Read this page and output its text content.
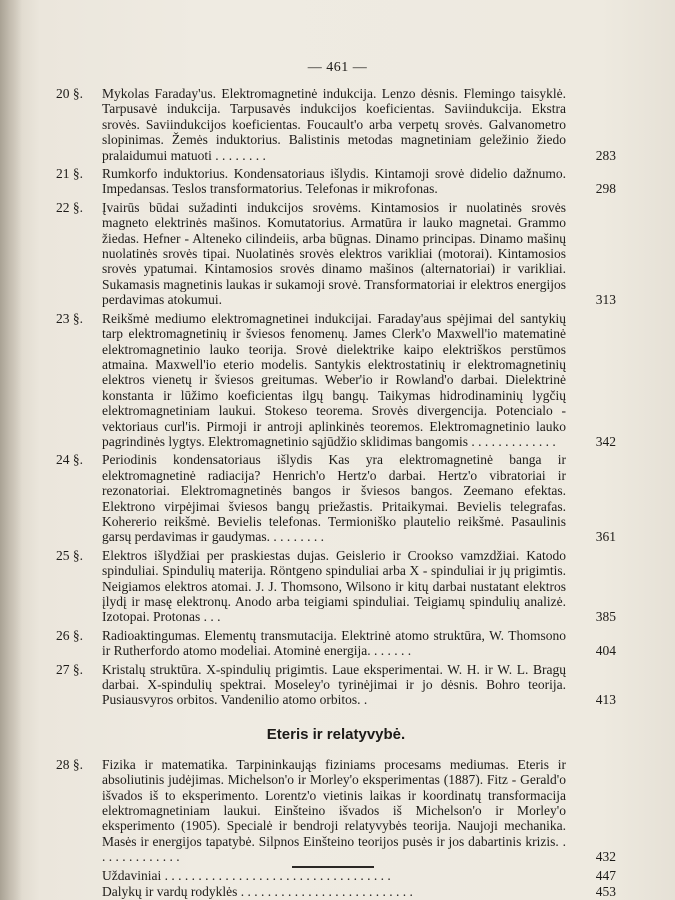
— 461 —
20 §. Mykolas Faraday'us. Elektromagnetinė indukcija. Lenzo dėsnis. Flemingo taisyklė. Tarpusavė indukcija. Tarpusavės indukcijos koeficientas. Saviindukcija. Ekstra srovės. Saviindukcijos koeficientas. Foucault'o arba verpetų srovės. Galvanometro slopinimas. Žemės induktorius. Balistinis metodas magnetiniam geležinio žiedo pralaidumui matuoti . . . . . . . .	283
21 §. Rumkorfo induktorius. Kondensatoriaus išlydis. Kintamoji srovė didelio dažnumo. Impedansas. Teslos transformatorius. Telefonas ir mikrofonas.	298
22 §. Įvairūs būdai sužadinti indukcijos srovėms. Kintamosios ir nuolatinės srovės magneto elektrinės mašinos. Komutatorius. Armatūra ir lauko magnetai. Grammo žiedas. Hefner - Alteneko cilindeiis, arba būgnas. Dinamo principas. Dinamo mašinų nuolatinės srovės tipai. Nuolatinės srovės elektros varikliai (motorai). Kintamosios srovės ypatumai. Kintamosios srovės dinamo mašinos (alternatoriai) ir varikliai. Sukamasis magnetinis laukas ir sukamoji srovė. Transformatoriai ir elektros energijos perdavimas atokumui.	313
23 §. Reikšmė mediumo elektromagnetinei indukcijai. Faraday'aus spėjimai del santykių tarp elektromagnetinių ir šviesos fenomenų. James Clerk'o Maxwell'io matematinė elektromagnetinio lauko teorija. Srovė dielektrike kaipo elektriškos perstūmos atmaina. Maxwell'io eterio modelis. Santykis elektrostatinių ir elektromagnetinių elektros vienetų ir šviesos greitumas. Weber'io ir Rowland'o darbai. Dielektrinė konstanta ir lūžimo koeficientas ilgų bangų. Taikymas hidrodinaminių lygčių elektromagnetiniam laukui. Stokeso teorema. Srovės divergencija. Potencialo - vektoriaus curl'is. Pirmoji ir antroji aplinkinės teoremos. Elektromagnetinio lauko pagrindinės lygtys. Elektromagnetinio sąjūdžio sklidimas bangomis . . . . . . . . . . . . .	342
24 §. Periodinis kondensatoriaus išlydis Kas yra elektromagnetinė banga ir elektromagnetinė radiacija? Henrich'o Hertz'o darbai. Hertz'o vibratoriai ir rezonatoriai. Elektromagnetinės bangos ir šviesos bangos. Zeemano efektas. Elektrono virpėjimai šviesos bangų priežastis. Pritaikymai. Bevielis telegrafas. Kohererio reikšmė. Bevielis telefonas. Termioniško plautelio reikšmė. Pasaulinis garsų perdavimas ir gaudymas. . . . . . . . .	361
25 §. Elektros išlydžiai per praskiestas dujas. Geislerio ir Crookso vamzdžiai. Katodo spinduliai. Spindulių materija. Röntgeno spinduliai arba X - spinduliai ir jų prigimtis. Neigiamos elektros atomai. J. J. Thomsono, Wilsono ir kitų darbai nustatant elektros įlydį ir masę elektronų. Anodo arba teigiami spinduliai. Teigiamų spindulių analizė. Izotopai. Protonas . . .	385
26 §. Radioaktingumas. Elementų transmutacija. Elektrinė atomo struktūra, W. Thomsono ir Rutherfordo atomo modeliai. Atominė energija. . . . . . .	404
27 §. Kristalų struktūra. X-spindulių prigimtis. Laue eksperimentai. W. H. ir W. L. Bragų darbai. X-spindulių spektrai. Moseley'o tyrinėjimai ir jo dėsnis. Bohro teorija. Pusiausvyros orbitos. Vandenilio atomo orbitos. .	413
Eteris ir relatyvybė.
28 §. Fizika ir matematika. Tarpininkaująs fiziniams procesams mediumas. Eteris ir absoliutinis judėjimas. Michelson'o ir Morley'o eksperimentas (1887). Fitz - Gerald'o išvados iš to eksperimento. Lorentz'o vietinis laikas ir koordinatų transformacija elektromagnetiniam laukui. Einšteino išvados iš Michelson'o ir Morley'o eksperimento (1905). Specialė ir bendroji relatyvybės teorija. Naujoji mechanika. Masės ir energijos tapatybė. Silpnos Einšteino teorijos pusės ir jos dabartinis krizis. . . . . . . . . . . . . .	432
Uždaviniai . . . . . . . . . . . . . . . . . . . . . . . . . . . . . . . . . .	447
Dalykų ir vardų rodyklės . . . . . . . . . . . . . . . . . . . . . . . . . .	453
